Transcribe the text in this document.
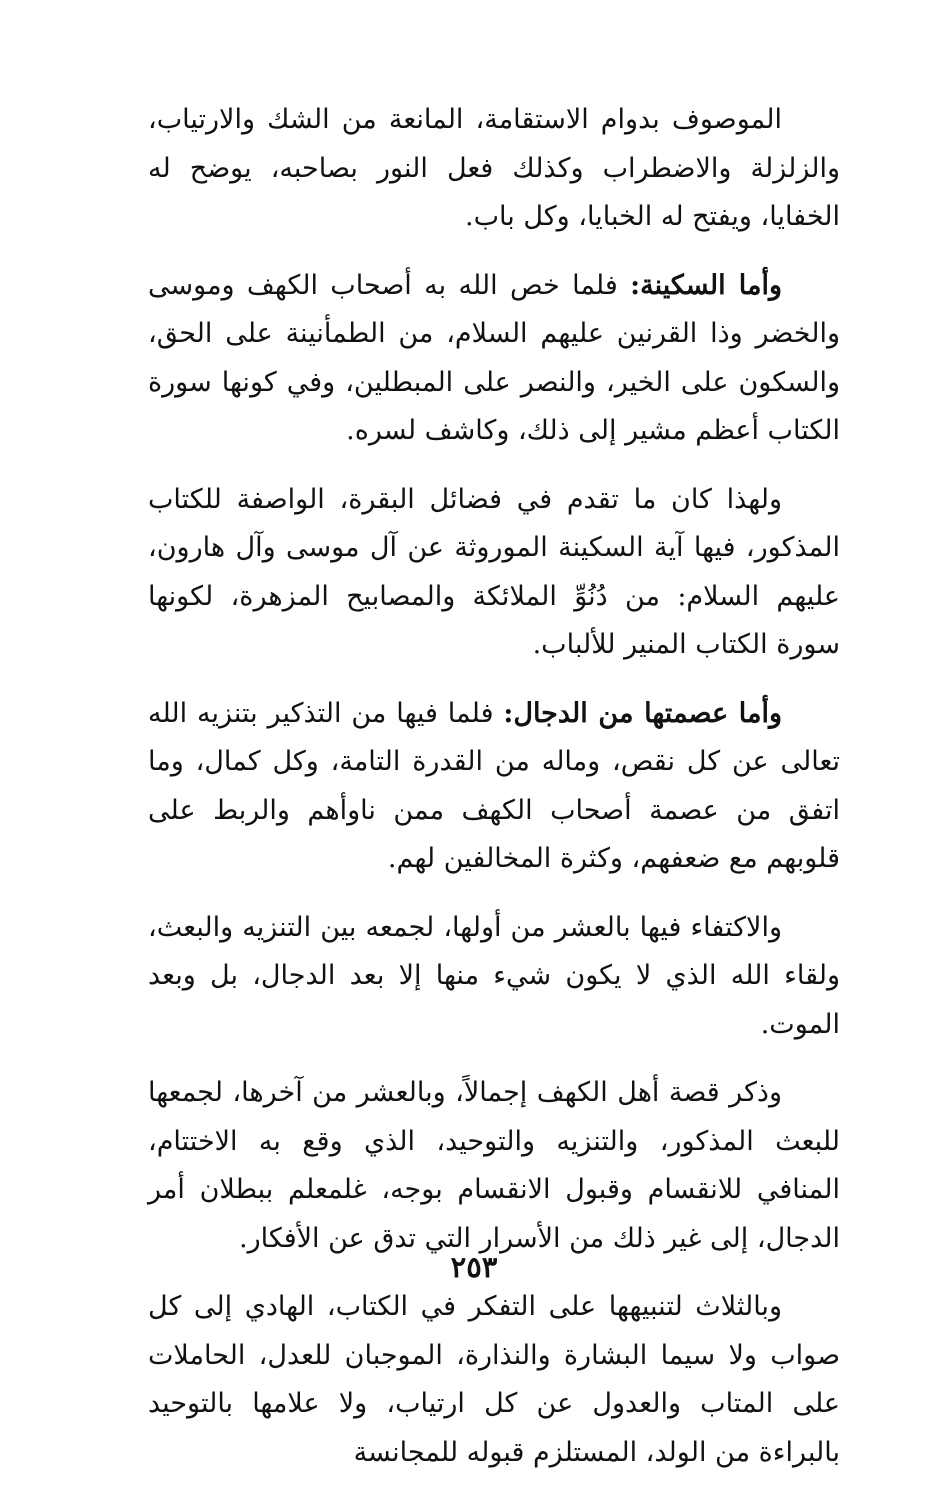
الموصوف بدوام الاستقامة، المانعة من الشك والارتياب، والزلزلة والاضطراب وكذلك فعل النور بصاحبه، يوضح له الخفايا، ويفتح له الخبايا، وكل باب.

وأما السكينة: فلما خص الله به أصحاب الكهف وموسى والخضر وذا القرنين عليهم السلام، من الطمأنينة على الحق، والسكون على الخير، والنصر على المبطلين، وفي كونها سورة الكتاب أعظم مشير إلى ذلك، وكاشف لسره.

ولهذا كان ما تقدم في فضائل البقرة، الواصفة للكتاب المذكور، فيها آية السكينة الموروثة عن آل موسى وآل هارون، عليهم السلام: من دُنُوِّ الملائكة والمصابيح المزهرة، لكونها سورة الكتاب المنير للألباب.

وأما عصمتها من الدجال: فلما فيها من التذكير بتنزيه الله تعالى عن كل نقص، وماله من القدرة التامة، وكل كمال، وما اتفق من عصمة أصحاب الكهف ممن ناوأهم والربط على قلوبهم مع ضعفهم، وكثرة المخالفين لهم.

والاكتفاء فيها بالعشر من أولها، لجمعه بين التنزيه والبعث، ولقاء الله الذي لا يكون شيء منها إلا بعد الدجال، بل وبعد الموت.

وذكر قصة أهل الكهف إجمالاً، وبالعشر من آخرها، لجمعها للبعث المذكور، والتنزيه والتوحيد، الذي وقع به الاختتام، المنافي للانقسام وقبول الانقسام بوجه، غلمعلم ببطلان أمر الدجال، إلى غير ذلك من الأسرار التي تدق عن الأفكار.

وبالثلاث لتنبيهها على التفكر في الكتاب، الهادي إلى كل صواب ولا سيما البشارة والنذارة، الموجبان للعدل، الحاملات على المتاب والعدول عن كل ارتياب، ولا علامها بالتوحيد بالبراءة من الولد، المستلزم قبوله للمجانسة

٢٥٣
